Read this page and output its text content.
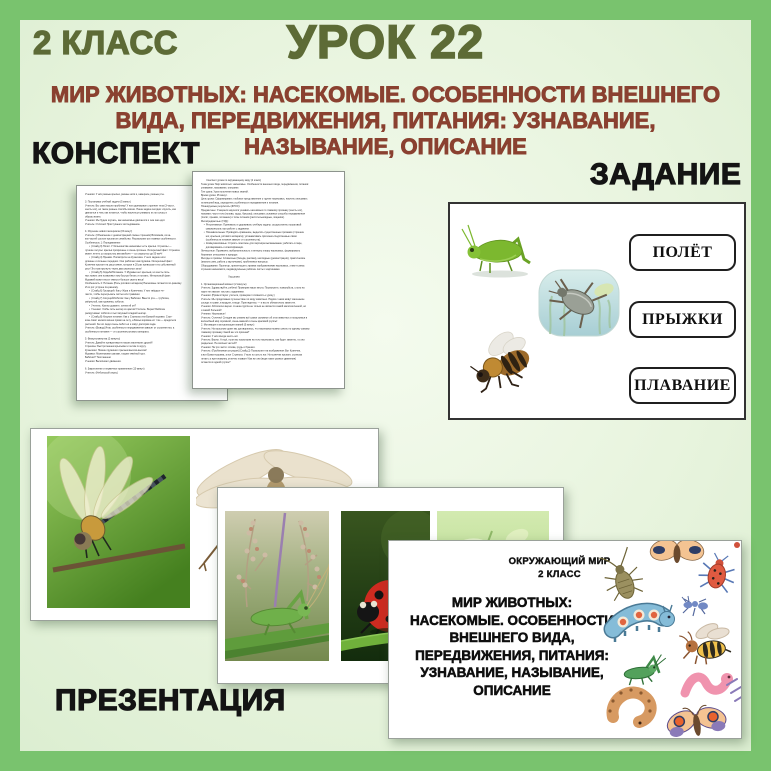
2 КЛАСС	УРОК 22
МИР ЖИВОТНЫХ: НАСЕКОМЫЕ. ОСОБЕННОСТИ ВНЕШНЕГО
ВИДА, ПЕРЕДВИЖЕНИЯ, ПИТАНИЯ: УЗНАВАНИЕ,
НАЗЫВАНИЕ, ОПИСАНИЕ
КОНСПЕКТ
ЗАДАНИЕ
ПРЕЗЕНТАЦИЯ
Ученики: У них разные крылья, разные ноги и, наверное, разные рты.

3. Постановка учебной задачи (5 минут)
Учитель: Вы сами нашли проблему! У них одинаковое строение тела (3 части,
шесть ног), но такие разные способы жизни. Наша задача сегодня: изучить, как
двигается и чем, как питается, чтобы научиться узнавать их по голосу и
образу жизни.
Ученики: Мы будем изучать, как насекомые двигаются и чем они едят.
Учитель: Отлично! Приступаем к исследованию.

4. Изучение нового материала (15 минут)
Учитель: (Объяснение с демонстрацией схемы строения) Вспомним, из ка-
ких частей состоит крылатое семейство. Рассмотрим три главные особенности.
Особенность 1: Передвижение
•  (Слайд 3) Полёт. У большинства насекомых есть крылья. Стрекозы —
лучшие летуны: крылья прозрачные и очень прочные. Интересный факт: Стрекоза
может лететь со скоростью автомобиля — со скоростью до 50 км/ч!
•  (Слайд 4) Прыжки. Посмотрите на Кузнечика. У него задние ноги
длиннее и сильнее передних. Они работают как пружина. Интересный факт:
Кузнечик прыгает на расстояние, которое в 20 раз превышает его собственный
рост! Это как прыгнуть через два школьных зала!
•  (Слайд 5) Ходьба/Ползание. У Муравья нет крыльев, но шесть силь-
ных ножек: они позволяют ему быстро бегать и ползать. Интересный факт:
Муравей может нести тяжести больше своего веса!
Особенность 2: Питание (Роль ротового аппарата) Насекомые питаются по-разному.
И их рот устроен по-разному.
•  (Слайд 6) Грызущий: Как у Жука и Кузнечика. У них твёрдые че-
люсти, чтобы перегрызать листья или травинки.
•  (Слайд 7) Сосущий/Хоботок: Как у Бабочки. Вместо рта — трубочка,
свёрнутый, как пружинка, хоботок.
•  Учитель: Как вы думаете, зачем ей он?
•  Ученики: Чтобы пить нектар из цветов! Учитель: Верно! Бабочка
раскручивает хоботок и пьёт вкусный сладкий нектар.
•  (Слайд 8) Хищное питание: Как у Стрекозы или Божьей коровки. Стре-
коза ловит мелких мошек прямо на лету, а Божья коровка ест тлю — вредителя
растений. За это люди очень любят её и зовут доктором сада.
Учитель: (Вывод) Итак, особенности передвижения зависят от строения ног, а
особенности питания — от строения ротового аппарата.

5. Физкультминутка (2 минуты)
Учитель: Давайте превратимся в наших маленьких друзей!
Стрекозы: Быстро машем крыльями и летим по кругу.
Кузнечики: Низкие пружинки: прыгаем высоко-высоко!
Муравьи: Маленькими шагами, тащим тяжёлый груз.
Бабочки? Тихо машем.
Ученики: Выполняют движения.

6. Закрепление и первичное применение (10 минут)
Учитель: (Небольшой опрос)
Конспект урока по окружающему миру (2 класс)
Тема урока: Мир животных: насекомые. Особенности внешнего вида, передвижения, питания:
узнавание, называние, описание.
Тип урока: Урок получения новых знаний.
Время урока: 45 минут.
Цель урока: Сформировать глубокое представление о группе насекомых, научить описывать
их внешний вид, определять особенности передвижения и питания.
Планируемые результаты (ФГОС):
Предметные: Учащиеся научатся узнавать насекомых по главному признаку (шесть ног),
называть части тела (голова, грудь, брюшко); описывать основные способы передвижения
(полёт, прыжки, ползание) и типы питания (растительноядные, хищники).
Метапредметные (УУД):
•  Регулятивные: Принимать и удерживать учебную задачу; осуществлять пошаговый
самоконтроль при работе с заданием.
•  Познавательные: Проводить сравнение, выделять существенные признаки (строение
ног, крыльев, ротового аппарата); устанавливать причинно-следственные связи
(особенности питания зависят от строения рта).
•  Коммуникативные: Строить понятное для партнёра высказывание; работать в паре,
договариваясь о классификации.
Личностные: Проявлять любознательность и интерес к миру насекомых, формировать
бережное отношение к природе.
Методы и приёмы: Словесные (беседа, рассказ), наглядные (демонстрация), практические
(анализ схем, работа с карточками), проблемные вопросы.
Оборудование: Проектор, презентация с яркими изображениями насекомых, этикет-схема
строения насекомого, индивидуальные рабочие листы с картинками.

Ход урока

1. Организационный момент (2 минуты)
Учитель: Здравствуйте, ребята! Проверим наши места. Посмотрите, пожалуйста, у кого на
парте не хватает листов с заданиями.
Ученики: (Приветствуют учителя, проверяют готовность к уроку.)
Учитель: Мы продолжаем путешествие по миру животных. Рядом с нами живут маленькие
соседи: в траве, в воздухе, в воде. Приглядитесь — и вы их обязательно заметите.
Ученики: Абсолютно верно. А наша группа не только не является самой малочисленной, но
и самой большой!
Ученики: Насекомые!
Учитель: Отлично! Сегодня мы узнаем всё самое основное об этих животных и погрузимся в
волшебный мир огромной, очень важной и очень красивой группы!
2. Мотивация и актуализация знаний (5 минут)
Учитель: На прошлом уроке мы договорились, что насекомых можно узнать по одному самому
главному признаку. Какой же это признак?
Ученики: У них всегда шесть ног.
Учитель: Верно. А ещё, если мы посмотрим на тело насекомого, как будет заметно, то оно
разделено. На сколько частей?
Ученики: На три части: голова, грудь и брюшко.
Учитель: (Проблемная ситуация) (Слайд 2) Посмотрите на изображения: Вот Кузнечик,
а вот Божья коровка, а вот Стрекоза. У всех по шесть ног. Но кузнечик прыгает, стрекоза
летает, а жук-плавунец отлично плавает! Как же они (ведя такие разные движения)
остаются в одной группе?
ПОЛЁТ
ПРЫЖКИ
ПЛАВАНИЕ
ОКРУЖАЮЩИЙ МИР
2 КЛАСС
МИР ЖИВОТНЫХ:
НАСЕКОМЫЕ. ОСОБЕННОСТИ
ВНЕШНЕГО ВИДА,
ПЕРЕДВИЖЕНИЯ, ПИТАНИЯ:
УЗНАВАНИЕ, НАЗЫВАНИЕ,
ОПИСАНИЕ
